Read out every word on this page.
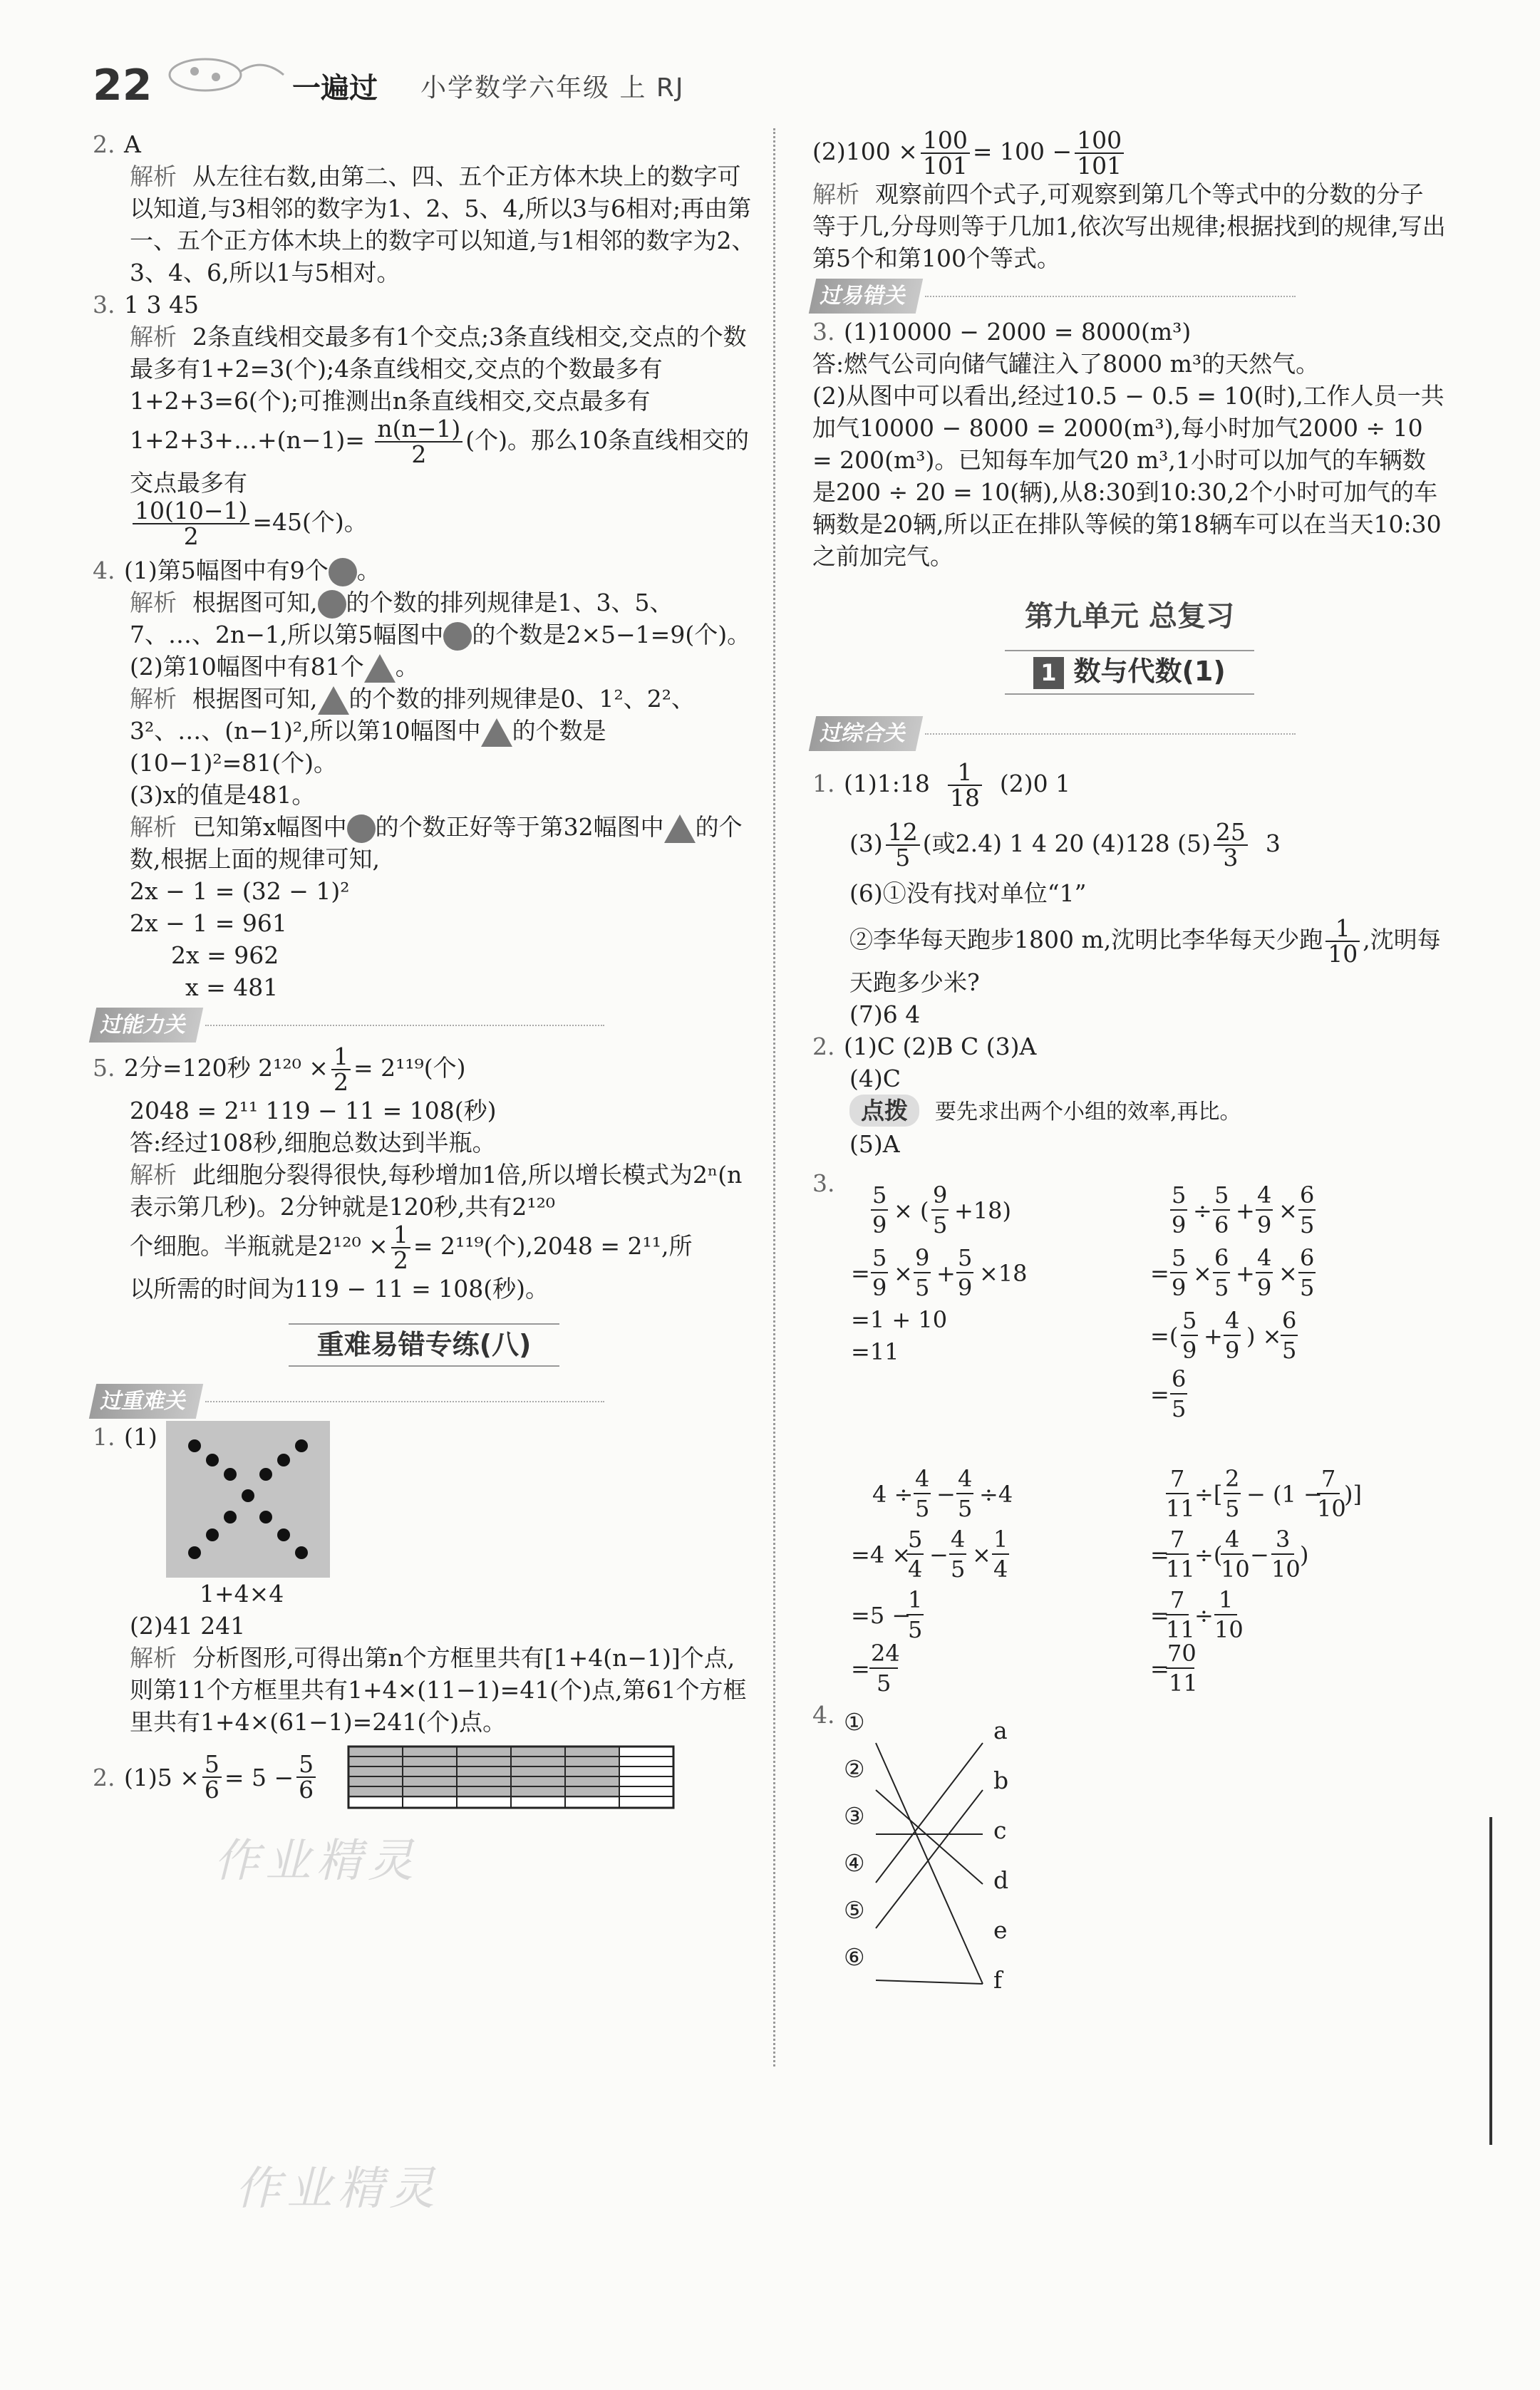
22	一遍过 小学数学六年级 上 RJ
2. A
解析 从左往右数,由第二、四、五个正方体木块上的数字可以知道,与3相邻的数字为1、2、5、4,所以3与6相对;再由第一、五个正方体木块上的数字可以知道,与1相邻的数字为2、3、4、6,所以1与5相对。
3. 1 3 45
解析 2条直线相交最多有1个交点;3条直线相交,交点的个数最多有1+2=3(个);4条直线相交,交点的个数最多有1+2+3=6(个);可推测出n条直线相交,交点最多有1+2+3+…+(n−1)= $\frac{n(n-1)}{2}$ (个)。那么10条直线相交的交点最多有

$\frac{10(10-1)}{2} =45$(个)。
4. (1)第5幅图中有9个 。
解析 根据图可知, 的个数的排列规律是1、3、5、7、…、2n−1,所以第5幅图中 的个数是2×5−1=9(个)。
(2)第10幅图中有81个 。
解析 根据图可知, 的个数的排列规律是0、1²、2²、3²、…、(n−1)²,所以第10幅图中 的个数是(10−1)²=81(个)。
(3)x的值是481。
解析 已知第x幅图中 的个数正好等于第32幅图中 的个数,根据上面的规律可知,
2x − 1 = (32 − 1)²
2x − 1 = 961
2x = 962
x = 481
过能力关
5. 2分=120秒 $2^{120} \times \frac{1}{2} = 2^{119}$(个)
2048 = 2¹¹ 119 − 11 = 108(秒)
答:经过108秒,细胞总数达到半瓶。
解析 此细胞分裂得很快,每秒增加1倍,所以增长模式为2ⁿ(n表示第几秒)。2分钟就是120秒,共有2¹²⁰
个细胞。半瓶就是$2^{120} \times \frac{1}{2} = 2^{119}$(个),2048 = 2¹¹,所
以所需的时间为119 − 11 = 108(秒)。
重难易错专练(八)
过重难关
1. (1)
1+4×4
(2)41 241
解析 分析图形,可得出第n个方框里共有[1+4(n−1)]个点,则第11个方框里共有1+4×(11−1)=41(个)点,第61个方框里共有1+4×(61−1)=241(个)点。
2. $(1)5 \times \frac{5}{6} = 5 - \frac{5}{6}$
$(2)100 \times \frac{100}{101} = 100 - \frac{100}{101}$
解析 观察前四个式子,可观察到第几个等式中的分数的分子等于几,分母则等于几加1,依次写出规律;根据找到的规律,写出第5个和第100个等式。
过易错关
3. (1)10000 − 2000 = 8000(m³)
答:燃气公司向储气罐注入了8000 m³的天然气。
(2)从图中可以看出,经过10.5 − 0.5 = 10(时),工作人员一共加气10000 − 8000 = 2000(m³),每小时加气2000 ÷ 10 = 200(m³)。已知每车加气20 m³,1小时可以加气的车辆数是200 ÷ 20 = 10(辆),从8:30到10:30,2个小时可加气的车辆数是20辆,所以正在排队等候的第18辆车可以在当天10:30之前加完气。
第九单元 总复习
1 数与代数(1)
过综合关
1. (1)1:18 $\frac{1}{18} (2)0$ 1
$(3) \frac{12}{5}$ (或2.4) 1 4 20 (4)128 $(5) \frac{25}{3} 3$
(6)①没有找对单位“1”
②李华每天跑步1800 m,沈明比李华每天少跑 $\frac{1}{10}$ ,沈明每天跑多少米?
(7)6 4
2. (1)C (2)B C (3)A
(4)C
点拨 要先求出两个小组的效率,再比。
(5)A
3.	5
9
× (
9
5
+18)
=
5
9
×
9
5
+
5
9
×18
=1 + 10
=11
5
9
÷
5
6
+
4
9
×
6
5
=
5
9
×
6
5
+
4
9
×
6
5
=(
5
9
+
4
9
) ×
6
5
=
6
5
4 ÷
4
5
−
4
5
÷4
=4 ×
5
4
−
4
5
×
1
4
=5 −
1
5
=
24
5
7
11
÷[
2
5
− (1 −
7
10
)]
=
7
11
÷(
4
10
−
3
10
)
=
7
11
÷
1
10
=
70
11
4. ①
②
③
④
⑤
⑥
a
b
c
d
e
f
作业精灵
作业精灵
